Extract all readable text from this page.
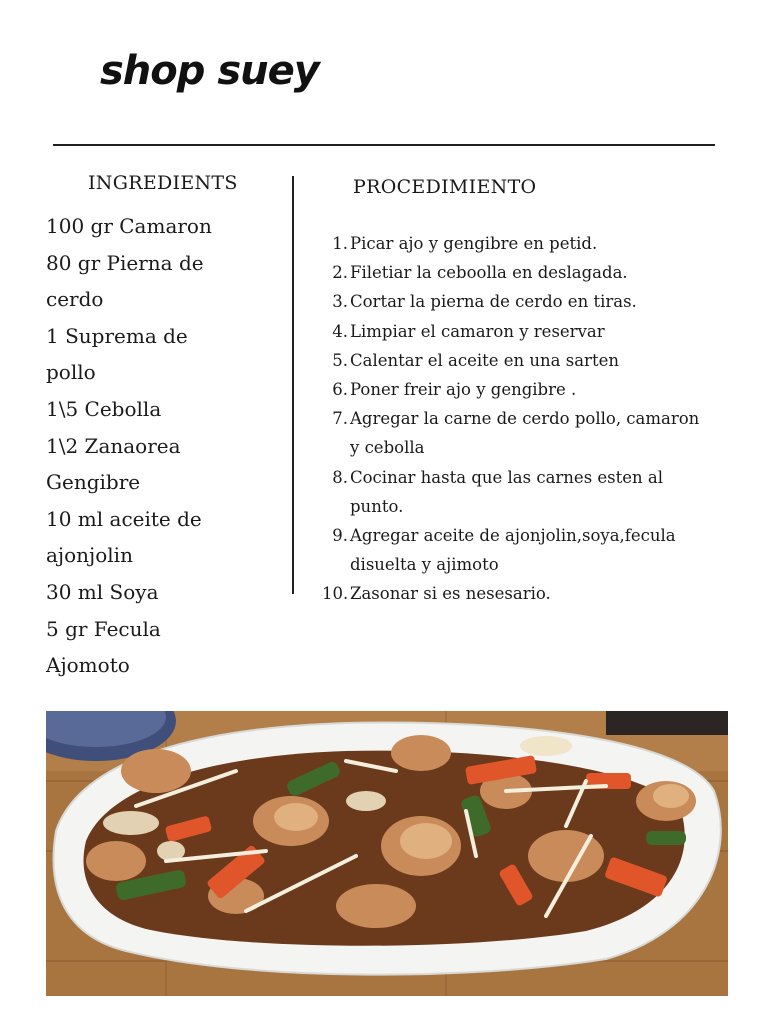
shop suey
INGREDIENTS
100 gr Camaron
80 gr Pierna de
cerdo
1 Suprema de
pollo
1\5 Cebolla
1\2 Zanaorea
Gengibre
10 ml aceite de
ajonjolin
30 ml Soya
5 gr Fecula
Ajomoto
PROCEDIMIENTO
1. Picar ajo y gengibre en petid.
2. Filetiar la ceboolla en deslagada.
3. Cortar la pierna de cerdo en tiras.
4. Limpiar el camaron y reservar
5. Calentar el aceite en una sarten
6. Poner freir ajo y gengibre .
7. Agregar la carne de cerdo pollo, camaron y cebolla
8. Cocinar hasta que las carnes esten al punto.
9. Agregar aceite de ajonjolin,soya,fecula disuelta y ajimoto
10. Zasonar si es nesesario.
